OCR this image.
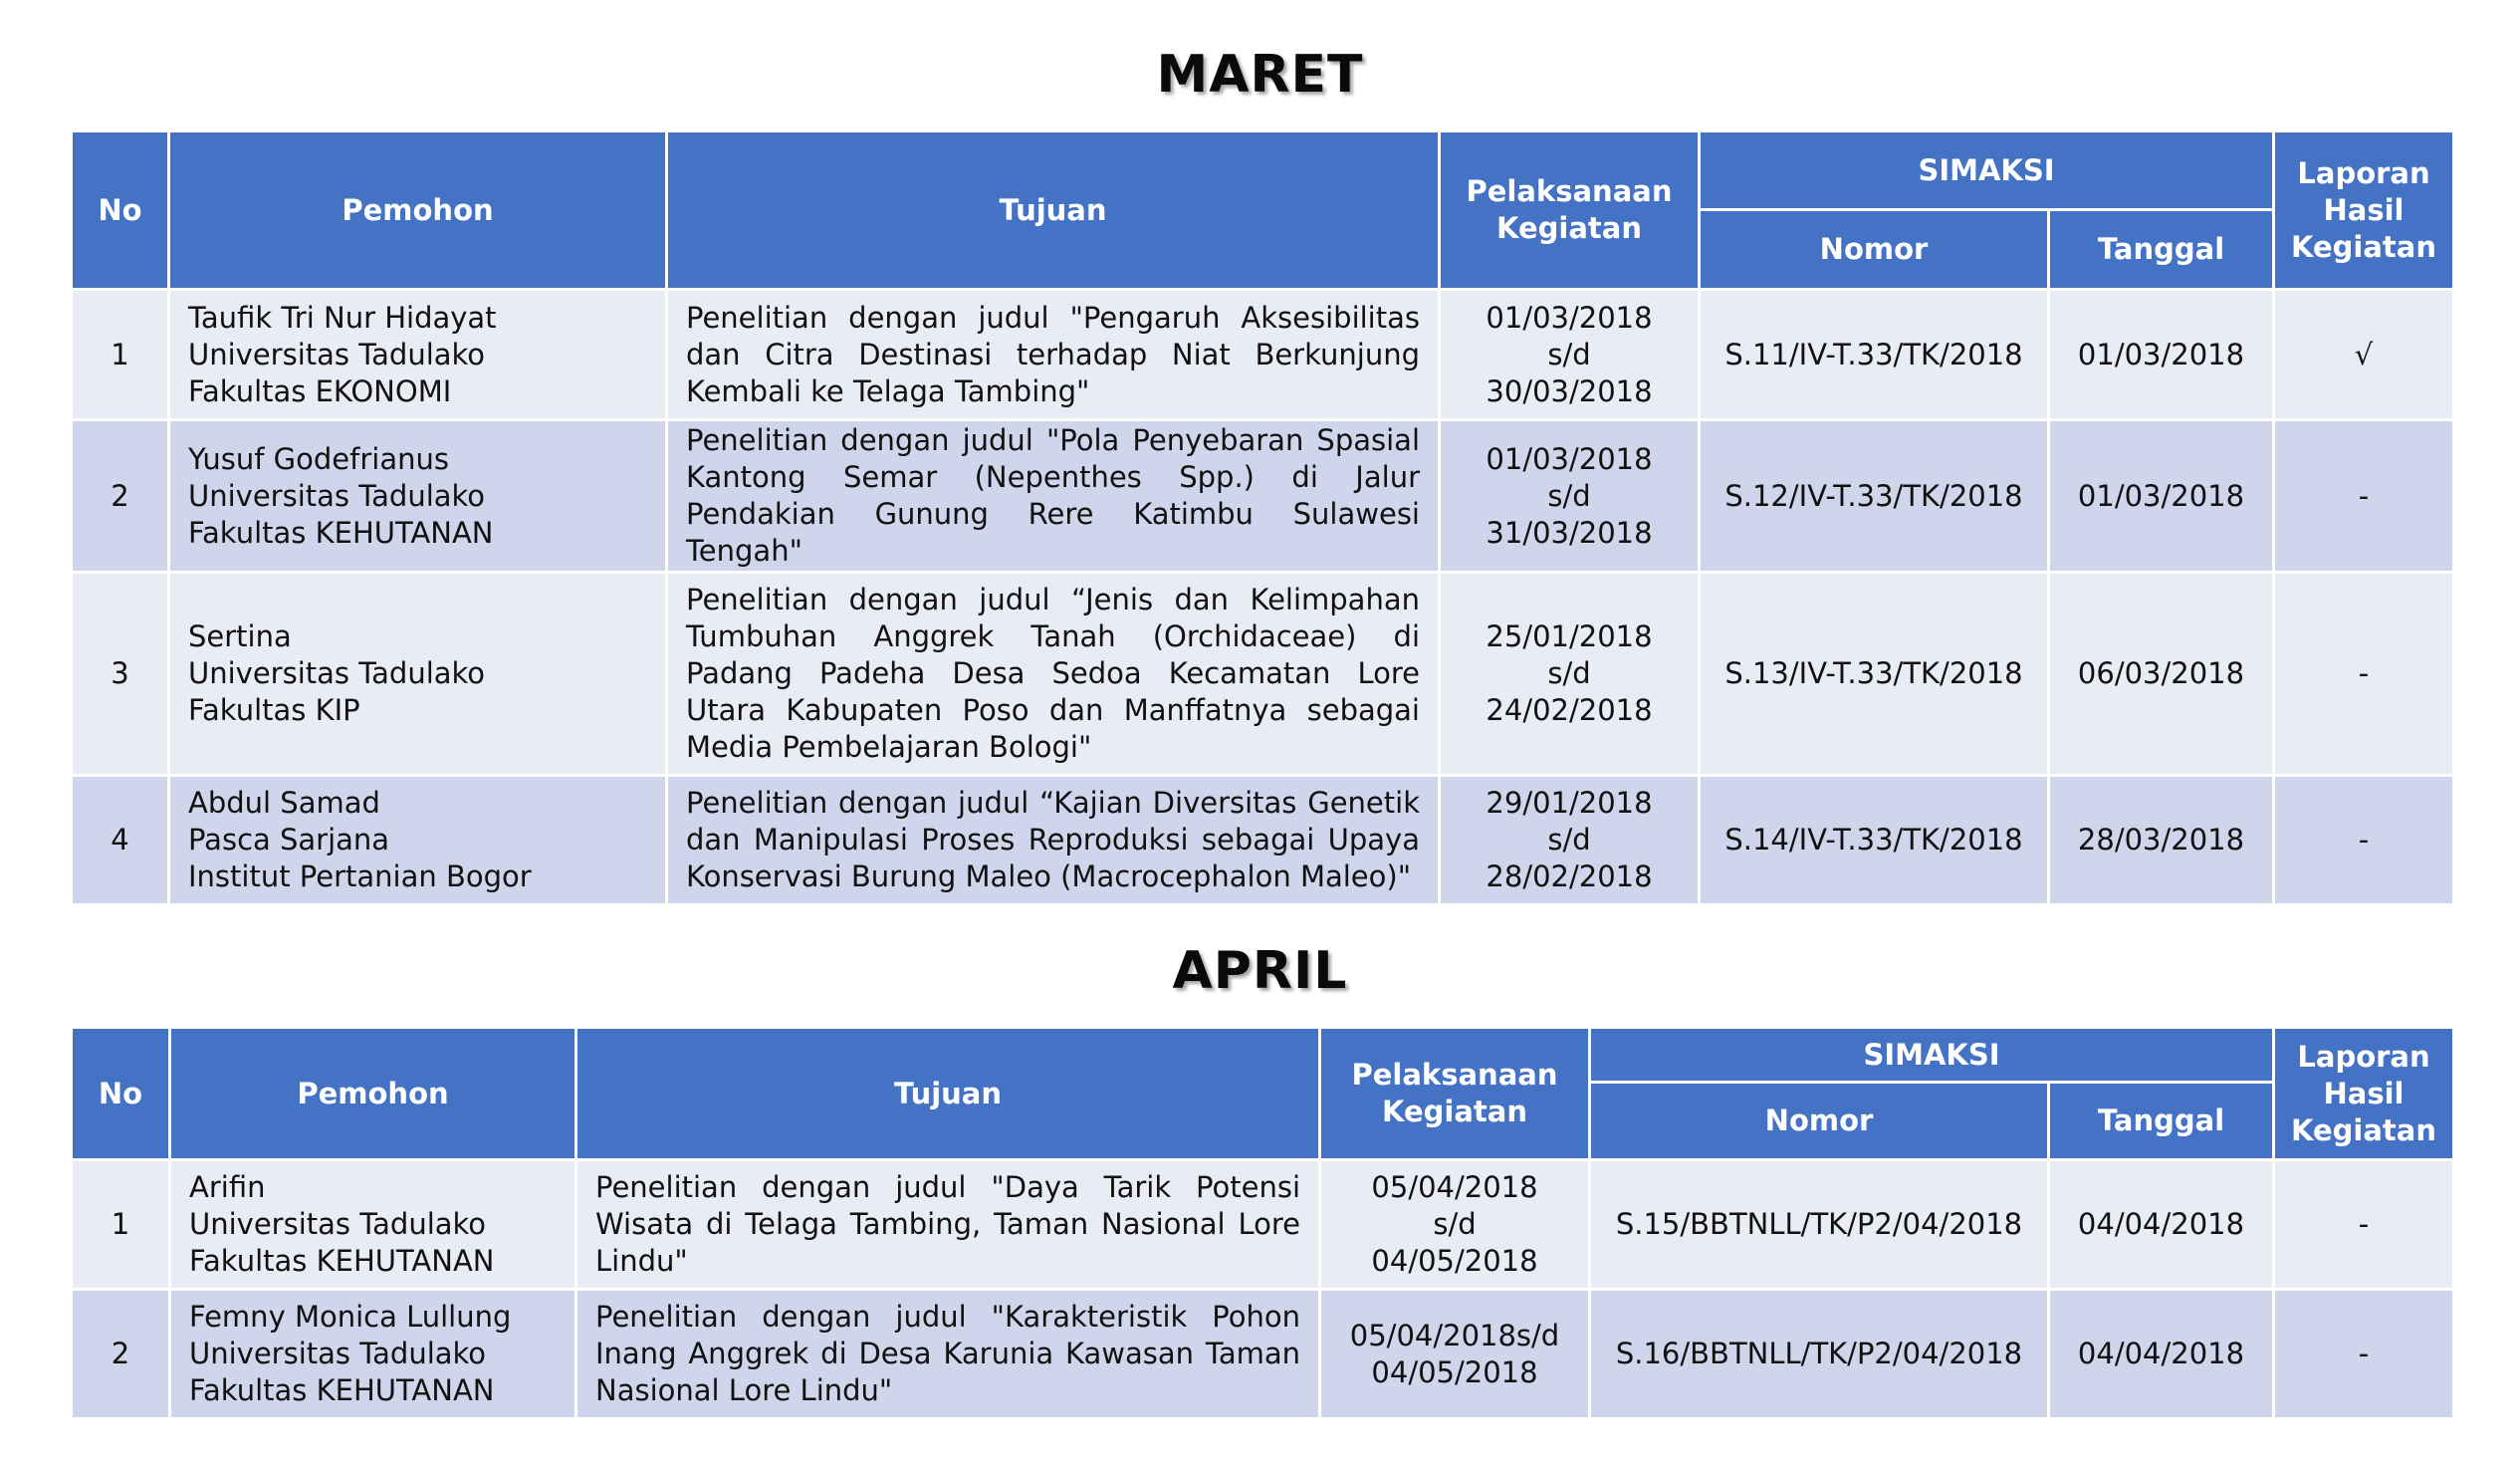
MARET
No	Pemohon	Tujuan	Pelaksanaan Kegiatan	SIMAKSI		Laporan Hasil Kegiatan
				Nomor	Tanggal	
1	Taufik Tri Nur Hidayat
Universitas Tadulako
Fakultas EKONOMI	Penelitian dengan judul "Pengaruh Aksesibilitas dan Citra Destinasi terhadap Niat Berkunjung Kembali ke Telaga Tambing"	01/03/2018
s/d
30/03/2018	S.11/IV-T.33/TK/2018	01/03/2018	√
2	Yusuf Godefrianus
Universitas Tadulako
Fakultas KEHUTANAN	Penelitian dengan judul "Pola Penyebaran Spasial Kantong Semar (Nepenthes Spp.) di Jalur Pendakian Gunung Rere Katimbu Sulawesi Tengah"	01/03/2018
s/d
31/03/2018	S.12/IV-T.33/TK/2018	01/03/2018	-
3	Sertina
Universitas Tadulako
Fakultas KIP	Penelitian dengan judul “Jenis dan Kelimpahan Tumbuhan Anggrek Tanah (Orchidaceae) di Padang Padeha Desa Sedoa Kecamatan Lore Utara Kabupaten Poso dan Manffatnya sebagai Media Pembelajaran Bologi"	25/01/2018
s/d
24/02/2018	S.13/IV-T.33/TK/2018	06/03/2018	-
4	Abdul Samad
Pasca Sarjana
Institut Pertanian Bogor	Penelitian dengan judul “Kajian Diversitas Genetik dan Manipulasi Proses Reproduksi sebagai Upaya Konservasi Burung Maleo (Macrocephalon Maleo)"	29/01/2018
s/d
28/02/2018	S.14/IV-T.33/TK/2018	28/03/2018	-
APRIL
No	Pemohon	Tujuan	Pelaksanaan Kegiatan	SIMAKSI		Laporan Hasil Kegiatan
				Nomor	Tanggal	
1	Arifin
Universitas Tadulako
Fakultas KEHUTANAN	Penelitian dengan judul "Daya Tarik Potensi Wisata di Telaga Tambing, Taman Nasional Lore Lindu"	05/04/2018
s/d
04/05/2018	S.15/BBTNLL/TK/P2/04/2018	04/04/2018	-
2	Femny Monica Lullung
Universitas Tadulako
Fakultas KEHUTANAN	Penelitian dengan judul "Karakteristik Pohon Inang Anggrek di Desa Karunia Kawasan Taman Nasional Lore Lindu"	05/04/2018s/d
04/05/2018	S.16/BBTNLL/TK/P2/04/2018	04/04/2018	-
